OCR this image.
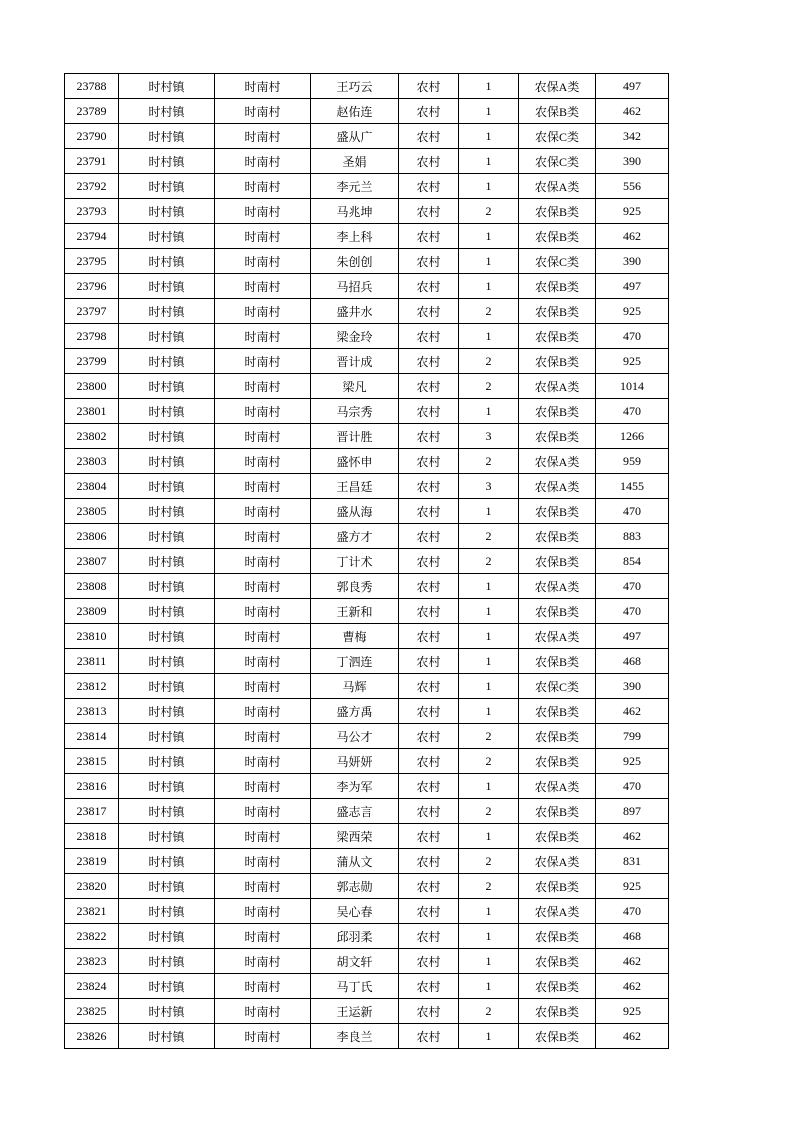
23788	时村镇	时南村	王巧云	农村	1	农保A类	497
23789	时村镇	时南村	赵佑连	农村	1	农保B类	462
23790	时村镇	时南村	盛从广	农村	1	农保C类	342
23791	时村镇	时南村	圣娟	农村	1	农保C类	390
23792	时村镇	时南村	李元兰	农村	1	农保A类	556
23793	时村镇	时南村	马兆坤	农村	2	农保B类	925
23794	时村镇	时南村	李上科	农村	1	农保B类	462
23795	时村镇	时南村	朱创创	农村	1	农保C类	390
23796	时村镇	时南村	马招兵	农村	1	农保B类	497
23797	时村镇	时南村	盛井水	农村	2	农保B类	925
23798	时村镇	时南村	梁金玲	农村	1	农保B类	470
23799	时村镇	时南村	晋计成	农村	2	农保B类	925
23800	时村镇	时南村	梁凡	农村	2	农保A类	1014
23801	时村镇	时南村	马宗秀	农村	1	农保B类	470
23802	时村镇	时南村	晋计胜	农村	3	农保B类	1266
23803	时村镇	时南村	盛怀申	农村	2	农保A类	959
23804	时村镇	时南村	王昌廷	农村	3	农保A类	1455
23805	时村镇	时南村	盛从海	农村	1	农保B类	470
23806	时村镇	时南村	盛方才	农村	2	农保B类	883
23807	时村镇	时南村	丁计术	农村	2	农保B类	854
23808	时村镇	时南村	郭良秀	农村	1	农保A类	470
23809	时村镇	时南村	王新和	农村	1	农保B类	470
23810	时村镇	时南村	曹梅	农村	1	农保A类	497
23811	时村镇	时南村	丁泗连	农村	1	农保B类	468
23812	时村镇	时南村	马辉	农村	1	农保C类	390
23813	时村镇	时南村	盛方禹	农村	1	农保B类	462
23814	时村镇	时南村	马公才	农村	2	农保B类	799
23815	时村镇	时南村	马妍妍	农村	2	农保B类	925
23816	时村镇	时南村	李为军	农村	1	农保A类	470
23817	时村镇	时南村	盛志言	农村	2	农保B类	897
23818	时村镇	时南村	梁西荣	农村	1	农保B类	462
23819	时村镇	时南村	蒲从文	农村	2	农保A类	831
23820	时村镇	时南村	郭志勋	农村	2	农保B类	925
23821	时村镇	时南村	吴心春	农村	1	农保A类	470
23822	时村镇	时南村	邱羽柔	农村	1	农保B类	468
23823	时村镇	时南村	胡文轩	农村	1	农保B类	462
23824	时村镇	时南村	马丁氏	农村	1	农保B类	462
23825	时村镇	时南村	王运新	农村	2	农保B类	925
23826	时村镇	时南村	李良兰	农村	1	农保B类	462
